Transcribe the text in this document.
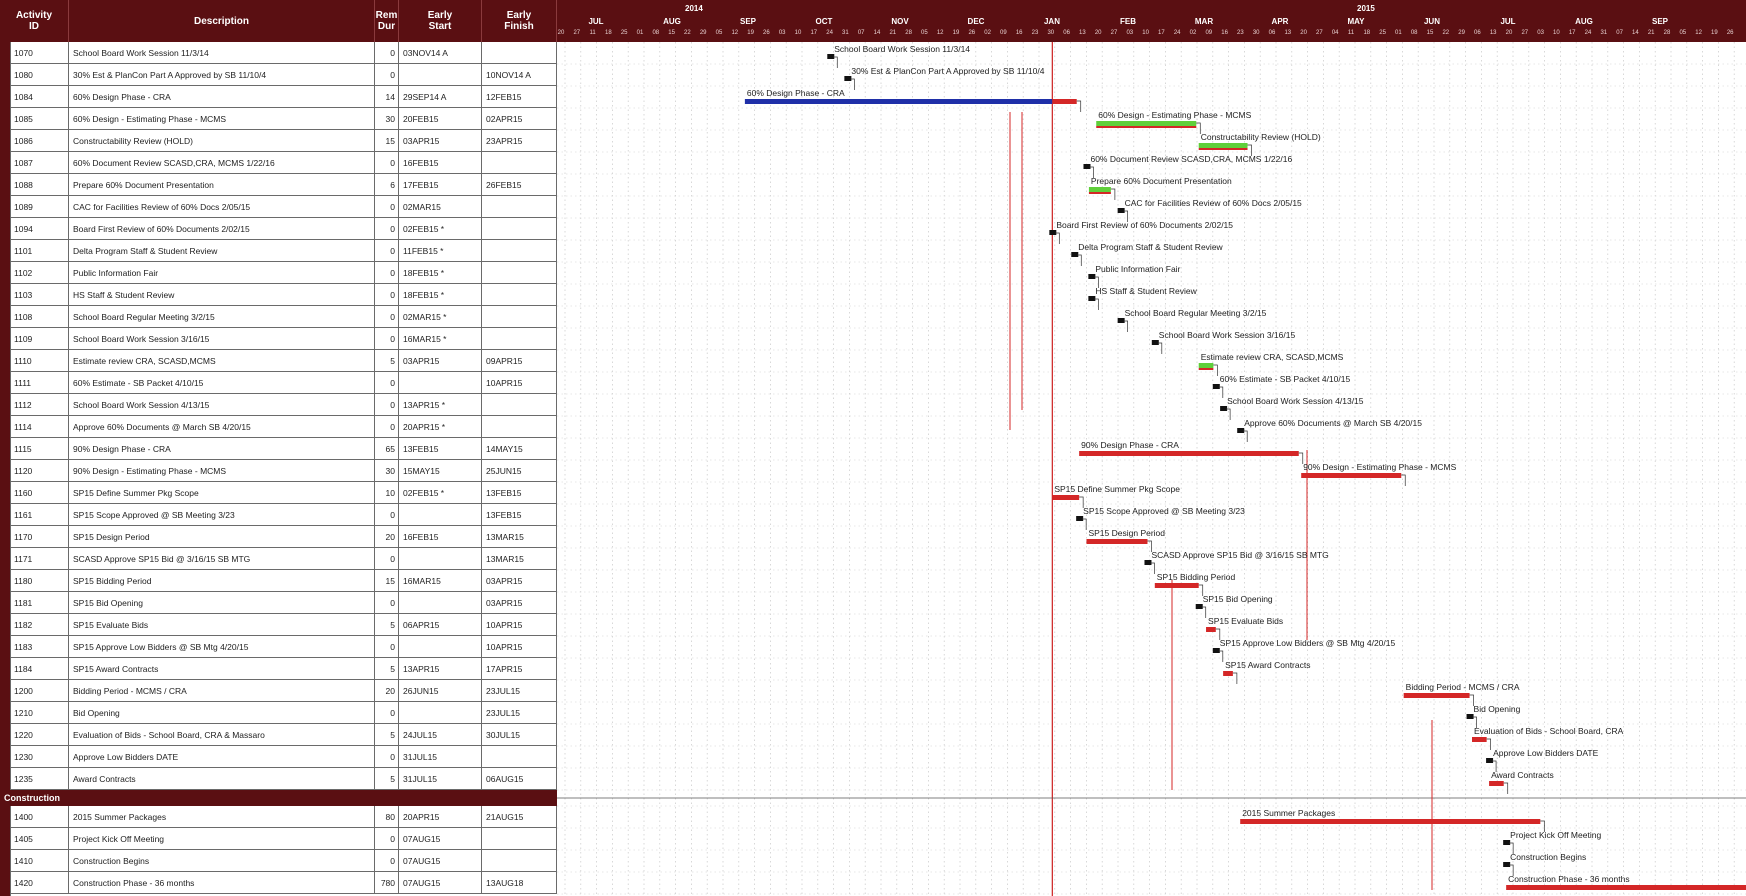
Activity
ID	Description	Rem
Dur
Early
Start
Early
Finish
2014	2015
JUL	AUG	SEP	OCT	NOV	DEC	JAN	FEB	MAR	APR	MAY	JUN	JUL	AUG	SEP
20	27	11	18	25	01	08	15	22	29	05	12	19	26	03	10	17	24	31	07	14	21	28	05	12	19	26	02	09	16	23	30	06	13	20	27	03	10	17	24	02	09	16	23	30	06	13	20	27	04	11	18	25	01	08	15	22	29	06	13	20	27	03	10	17	24	31	07	14	21	28	05	12	19	26
School Board Work Session 11/3/14
30% Est & PlanCon Part A Approved by SB 11/10/4
60% Design Phase - CRA
60% Design - Estimating Phase - MCMS
Constructability Review (HOLD)
60% Document Review SCASD,CRA, MCMS 1/22/16
Prepare 60% Document Presentation
CAC for Facilities Review of 60% Docs 2/05/15
Board First Review of 60% Documents 2/02/15
Delta Program Staff & Student Review
Public Information Fair
HS Staff & Student Review
School Board Regular Meeting 3/2/15
School Board Work Session 3/16/15
Estimate review CRA, SCASD,MCMS
60% Estimate - SB Packet 4/10/15
School Board Work Session 4/13/15
Approve 60% Documents @ March SB 4/20/15
90% Design Phase - CRA
90% Design - Estimating Phase - MCMS
SP15 Define Summer Pkg Scope
SP15 Scope Approved @ SB Meeting 3/23
SP15 Design Period
SCASD Approve SP15 Bid @ 3/16/15 SB MTG
SP15 Bidding Period
SP15 Bid Opening
SP15 Evaluate Bids
SP15 Approve Low Bidders @ SB Mtg 4/20/15
SP15 Award Contracts
Bidding Period - MCMS / CRA
Bid Opening
Evaluation of Bids - School Board, CRA
Approve Low Bidders DATE
Award Contracts
2015 Summer Packages
Project Kick Off Meeting
Construction Begins
Construction Phase - 36 months
1070	School Board Work Session 11/3/14	0 03NOV14 A
1080	30% Est & PlanCon Part A Approved by SB 11/10/4	0	10NOV14 A
1084	60% Design Phase - CRA	14 29SEP14 A	12FEB15
1085	60% Design - Estimating Phase - MCMS	30 20FEB15	02APR15
1086	Constructability Review (HOLD)	15 03APR15	23APR15
1087	60% Document Review SCASD,CRA, MCMS 1/22/16	0 16FEB15
1088	Prepare 60% Document Presentation	6 17FEB15	26FEB15
1089	CAC for Facilities Review of 60% Docs 2/05/15	0 02MAR15
1094	Board First Review of 60% Documents 2/02/15	0 02FEB15 *
1101	Delta Program Staff & Student Review	0 11FEB15 *
1102	Public Information Fair	0 18FEB15 *
1103	HS Staff & Student Review	0 18FEB15 *
1108	School Board Regular Meeting 3/2/15	0 02MAR15 *
1109	School Board Work Session 3/16/15	0 16MAR15 *
1110	Estimate review CRA, SCASD,MCMS	5 03APR15	09APR15
1111	60% Estimate - SB Packet 4/10/15	0	10APR15
1112	School Board Work Session 4/13/15	0 13APR15 *
1114	Approve 60% Documents @ March SB 4/20/15	0 20APR15 *
1115	90% Design Phase - CRA	65 13FEB15	14MAY15
1120	90% Design - Estimating Phase - MCMS	30 15MAY15	25JUN15
1160	SP15 Define Summer Pkg Scope	10 02FEB15 *	13FEB15
1161	SP15 Scope Approved @ SB Meeting 3/23	0	13FEB15
1170	SP15 Design Period	20 16FEB15	13MAR15
1171	SCASD Approve SP15 Bid @ 3/16/15 SB MTG	0	13MAR15
1180	SP15 Bidding Period	15 16MAR15	03APR15
1181	SP15 Bid Opening	0	03APR15
1182	SP15 Evaluate Bids	5 06APR15	10APR15
1183	SP15 Approve Low Bidders @ SB Mtg 4/20/15	0	10APR15
1184	SP15 Award Contracts	5 13APR15	17APR15
1200	Bidding Period - MCMS / CRA	20 26JUN15	23JUL15
1210	Bid Opening	0	23JUL15
1220	Evaluation of Bids - School Board, CRA & Massaro	5 24JUL15	30JUL15
1230	Approve Low Bidders DATE	0 31JUL15
1235	Award Contracts	5 31JUL15	06AUG15
Construction
1400	2015 Summer Packages	80 20APR15	21AUG15
1405	Project Kick Off Meeting	0 07AUG15
1410	Construction Begins	0 07AUG15
1420	Construction Phase - 36 months	780 07AUG15	13AUG18
